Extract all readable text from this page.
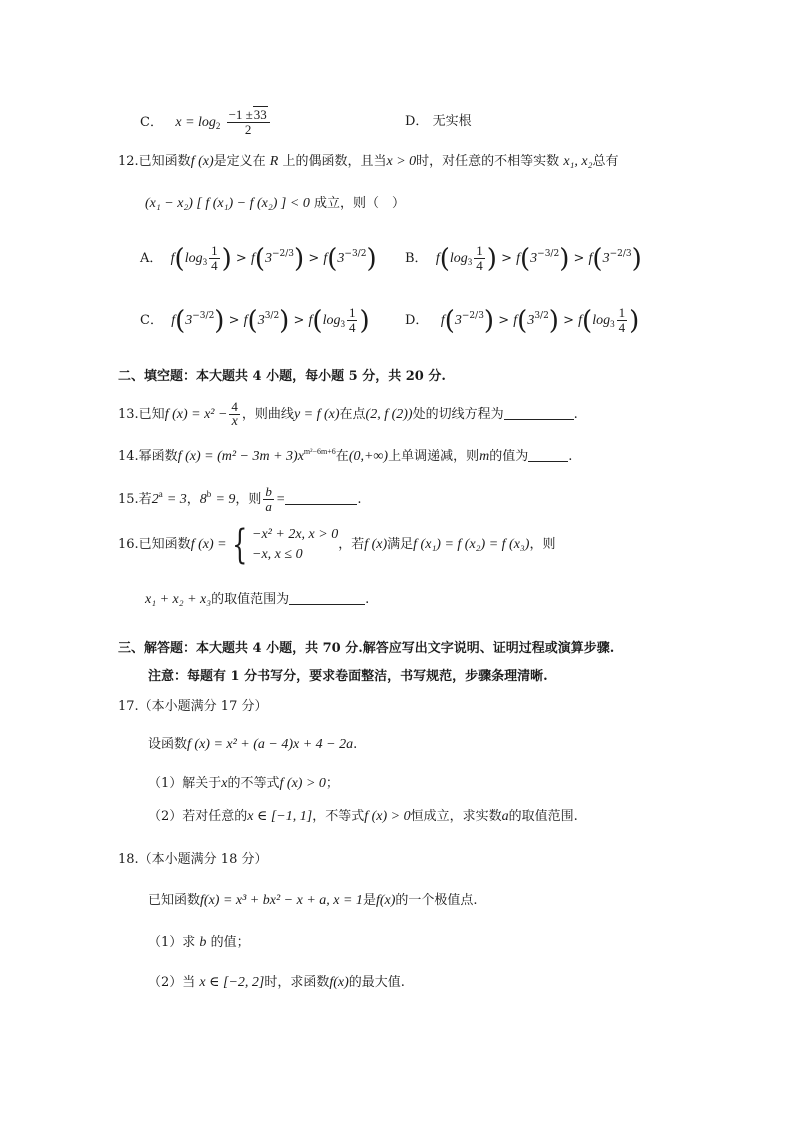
C． $x = \log_2 \frac{-1 \pm 33}{2}$	D． 无实根
12.已知函数f (x)是定义在 R 上的偶函数，且当x > 0时，对任意的不相等实数 x₁, x₂总有
(x₁ − x₂) [ f (x₁) − f (x₂) ] < 0 成立，则（　）
A． $f(\log_3 \frac{1}{4}$ ) > $f(3^{-2/3}) > f(3^{-3/2})$ B． $f(\log_3 \frac{1}{4}$ ) > $f(3^{-3/2}) > f(3^{-2/3})$
C． $f(3^{-3/2}) > f(3^{3/2}) > f(\log_3 \frac{1}{4}$ )	D． $f(3^{-2/3}) > f(3^{3/2}) > f(\log_3 \frac{1}{4}$ )
二、填空题：本大题共 4 小题，每小题 5 分，共 20 分.
13.已知f $(x) = x^2 - \frac{4}{x}$ ，则曲线y = f (x)在点(2, f (2))处的切线方程为	.
14.幂函数f $(x) = (m^2 - 3m + 3)x^{m^2-6m+6}$在(0,+∞)上单调递减，则m的值为	.
15.若$2^a = 3$，$8^b = 9$，则 $\frac{b}{a}$ =	.
16.已知函数f (x) = { −x² + 2x, x > 0
−x, x ≤ 0
，若f (x)满足f (x₁) = f (x₂) = f (x₃)，则
x₁ + x₂ + x₃的取值范围为	.
三、解答题：本大题共 4 小题，共 70 分.解答应写出文字说明、证明过程或演算步骤.
注意：每题有 1 分书写分，要求卷面整洁，书写规范，步骤条理清晰.
17.（本小题满分 17 分）
设函数f (x) = x² + (a − 4)x + 4 − 2a.
（1）解关于x的不等式f (x) > 0；
（2）若对任意的x ∈ [−1, 1]，不等式f (x) > 0恒成立，求实数a的取值范围.
18.（本小题满分 18 分）
已知函数f(x) = x³ + bx² − x + a, x = 1是f(x)的一个极值点.
（1）求 b 的值；
（2）当 x ∈ [−2, 2]时，求函数f(x)的最大值.
